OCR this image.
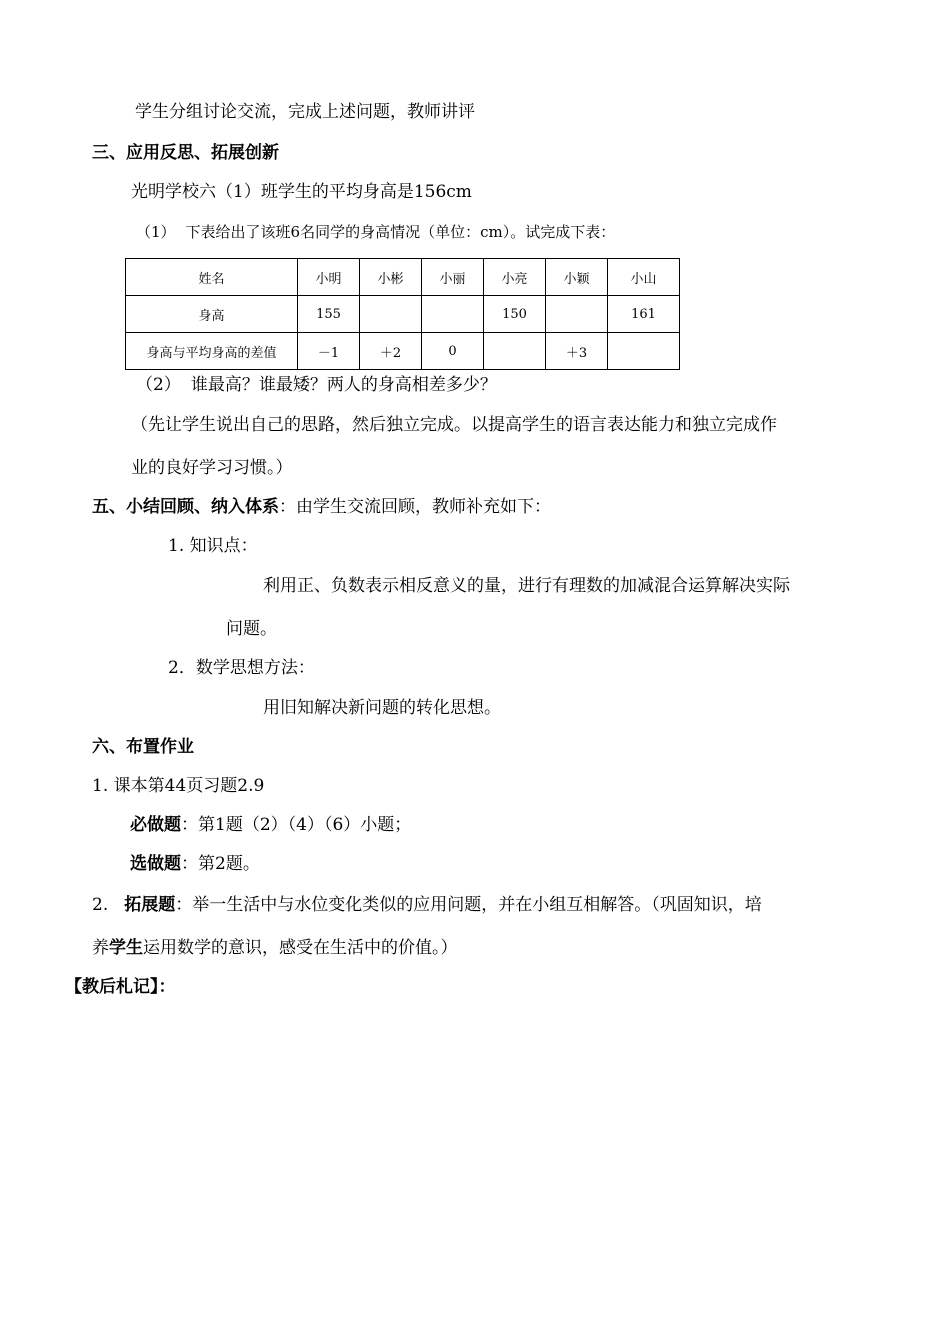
学生分组讨论交流，完成上述问题，教师讲评
三、应用反思、拓展创新
光明学校六（1）班学生的平均身高是156cm
（1） 下表给出了该班6名同学的身高情况（单位：cm）。试完成下表：
姓名	小明	小彬	小丽	小亮	小颖	小山
身高	155			150		161
身高与平均身高的差值	－1	＋2	0		＋3	
（2） 谁最高？谁最矮？两人的身高相差多少？
（先让学生说出自己的思路，然后独立完成。以提高学生的语言表达能力和独立完成作
业的良好学习习惯。）
五、小结回顾、纳入体系：由学生交流回顾，教师补充如下：
1. 知识点：
利用正、负数表示相反意义的量，进行有理数的加减混合运算解决实际
问题。
2．数学思想方法：
用旧知解决新问题的转化思想。
六、布置作业
1. 课本第44页习题2.9
必做题：第1题（2）（4）（6）小题；
选做题：第2题。
2. 拓展题：举一生活中与水位变化类似的应用问题，并在小组互相解答。（巩固知识，培
养学生运用数学的意识，感受在生活中的价值。）
【教后札记】：
